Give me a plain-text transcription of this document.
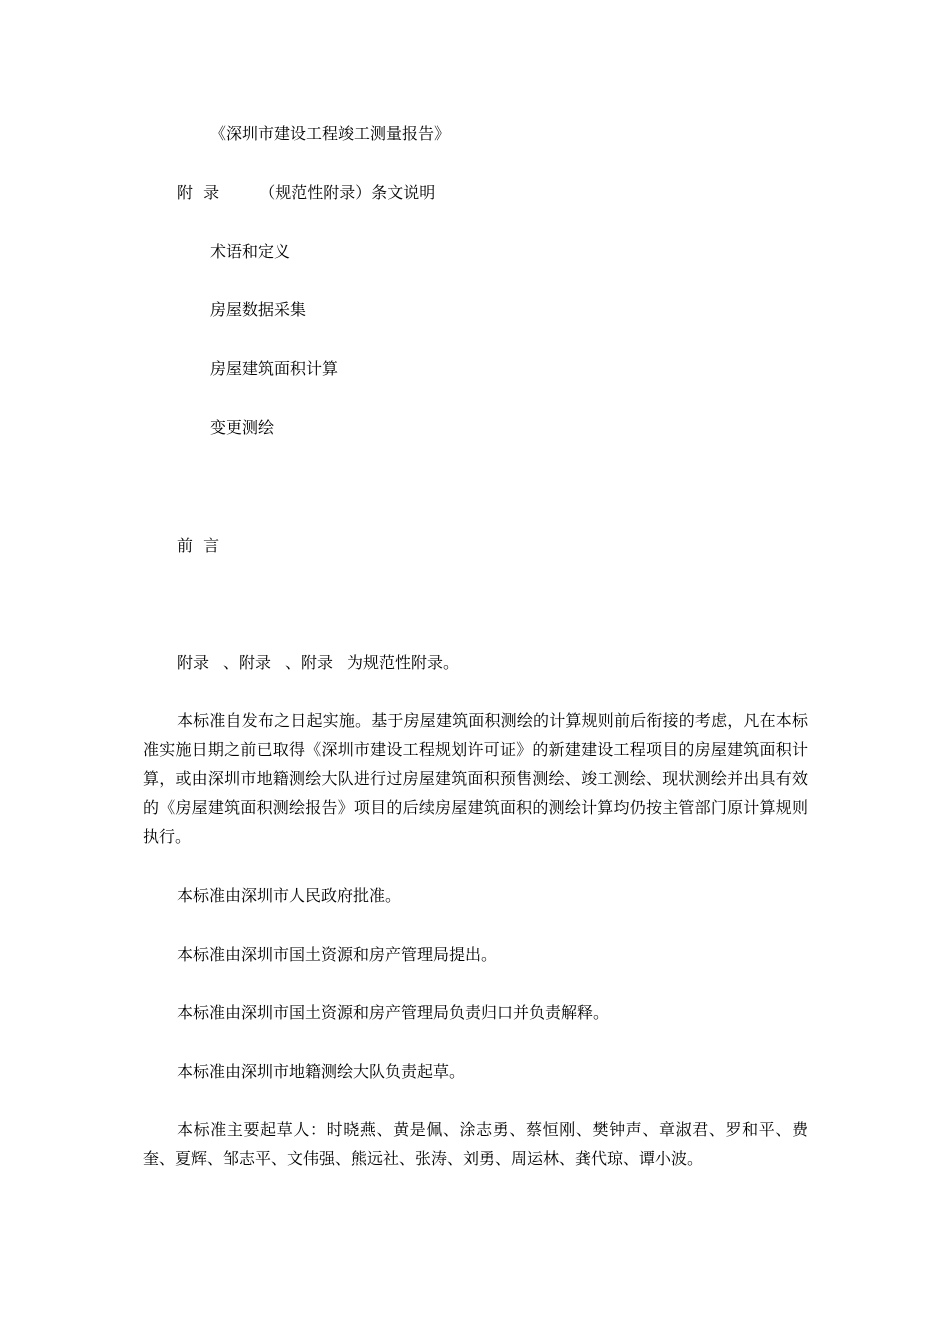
《深圳市建设工程竣工测量报告》
附  录	（规范性附录）条文说明
术语和定义
房屋数据采集
房屋建筑面积计算
变更测绘
前  言
附录 、附录 、附录 为规范性附录。
本标准自发布之日起实施。基于房屋建筑面积测绘的计算规则前后衔接的考虑，凡在本标准实施日期之前已取得《深圳市建设工程规划许可证》的新建建设工程项目的房屋建筑面积计算，或由深圳市地籍测绘大队进行过房屋建筑面积预售测绘、竣工测绘、现状测绘并出具有效的《房屋建筑面积测绘报告》项目的后续房屋建筑面积的测绘计算均仍按主管部门原计算规则执行。
本标准由深圳市人民政府批准。
本标准由深圳市国土资源和房产管理局提出。
本标准由深圳市国土资源和房产管理局负责归口并负责解释。
本标准由深圳市地籍测绘大队负责起草。
本标准主要起草人：时晓燕、黄是佩、涂志勇、蔡恒刚、樊钟声、章淑君、罗和平、费奎、夏辉、邹志平、文伟强、熊远社、张涛、刘勇、周运林、龚代琼、谭小波。
